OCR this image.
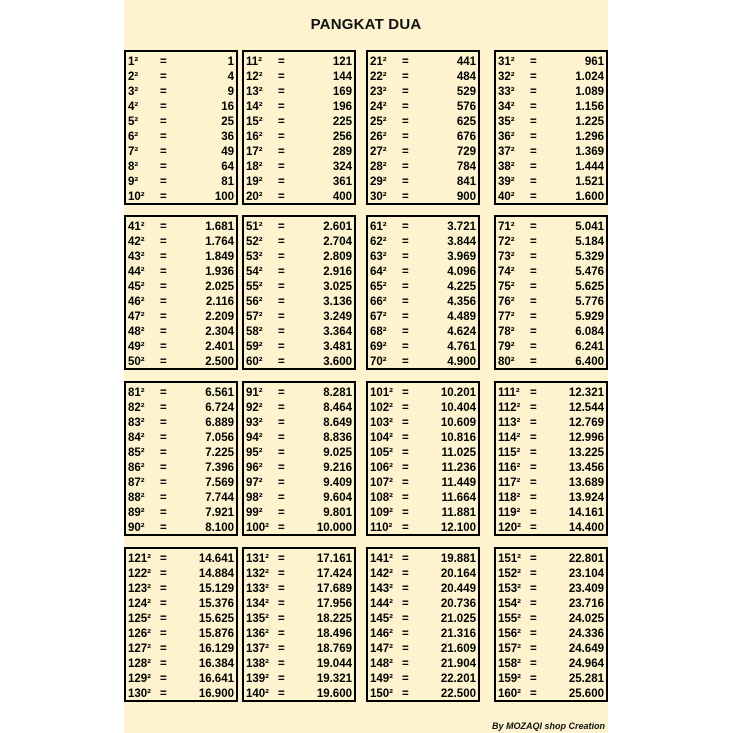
PANGKAT DUA
1² =	1
2² =	4
3² =	9
4² =	16
5² =	25
6² =	36
7² =	49
8² =	64
9² =	81
10² =	100
11² =	121
12² =	144
13² =	169
14² =	196
15² =	225
16² =	256
17² =	289
18² =	324
19² =	361
20² =	400
21² =	441
22² =	484
23² =	529
24² =	576
25² =	625
26² =	676
27² =	729
28² =	784
29² =	841
30² =	900
31² =	961
32² =	1.024
33² =	1.089
34² =	1.156
35² =	1.225
36² =	1.296
37² =	1.369
38² =	1.444
39² =	1.521
40² =	1.600
41² =	1.681
42² =	1.764
43² =	1.849
44² =	1.936
45² =	2.025
46² =	2.116
47² =	2.209
48² =	2.304
49² =	2.401
50² =	2.500
51² =	2.601
52² =	2.704
53² =	2.809
54² =	2.916
55² =	3.025
56² =	3.136
57² =	3.249
58² =	3.364
59² =	3.481
60² =	3.600
61² =	3.721
62² =	3.844
63² =	3.969
64² =	4.096
65² =	4.225
66² =	4.356
67² =	4.489
68² =	4.624
69² =	4.761
70² =	4.900
71² =	5.041
72² =	5.184
73² =	5.329
74² =	5.476
75² =	5.625
76² =	5.776
77² =	5.929
78² =	6.084
79² =	6.241
80² =	6.400
81² =	6.561
82² =	6.724
83² =	6.889
84² =	7.056
85² =	7.225
86² =	7.396
87² =	7.569
88² =	7.744
89² =	7.921
90² =	8.100
91² =	8.281
92² =	8.464
93² =	8.649
94² =	8.836
95² =	9.025
96² =	9.216
97² =	9.409
98² =	9.604
99² =	9.801
100² =	10.000
101² =	10.201
102² =	10.404
103² =	10.609
104² =	10.816
105² =	11.025
106² =	11.236
107² =	11.449
108² =	11.664
109² =	11.881
110² =	12.100
111² =	12.321
112² =	12.544
113² =	12.769
114² =	12.996
115² =	13.225
116² =	13.456
117² =	13.689
118² =	13.924
119² =	14.161
120² =	14.400
121² =	14.641
122² =	14.884
123² =	15.129
124² =	15.376
125² =	15.625
126² =	15.876
127² =	16.129
128² =	16.384
129² =	16.641
130² =	16.900
131² =	17.161
132² =	17.424
133² =	17.689
134² =	17.956
135² =	18.225
136² =	18.496
137² =	18.769
138² =	19.044
139² =	19.321
140² =	19.600
141² =	19.881
142² =	20.164
143² =	20.449
144² =	20.736
145² =	21.025
146² =	21.316
147² =	21.609
148² =	21.904
149² =	22.201
150² =	22.500
151² =	22.801
152² =	23.104
153² =	23.409
154² =	23.716
155² =	24.025
156² =	24.336
157² =	24.649
158² =	24.964
159² =	25.281
160² =	25.600
By MOZAQI shop Creation
